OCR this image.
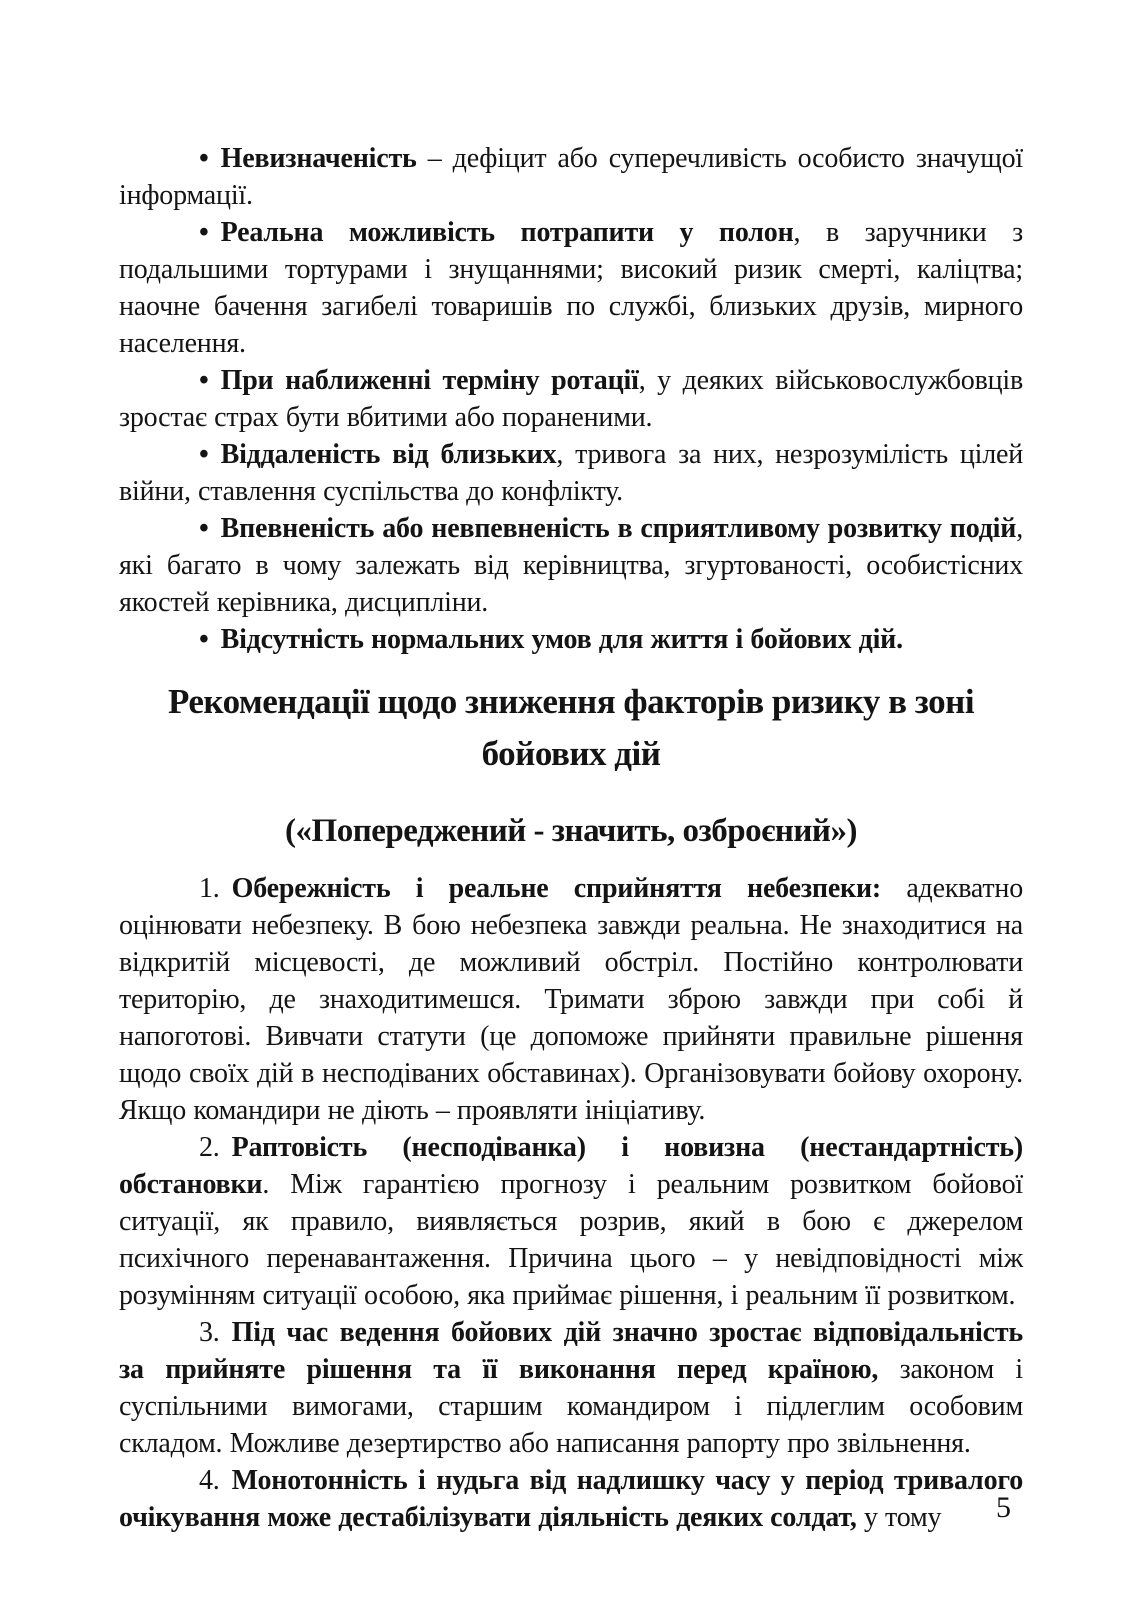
• Невизначеність – дефіцит або суперечливість особисто значущої інформації.

• Реальна можливість потрапити у полон, в заручники з подальшими тортурами і знущаннями; високий ризик смерті, каліцтва; наочне бачення загибелі товаришів по службі, близьких друзів, мирного населення.

• При наближенні терміну ротації, у деяких військовослужбовців зростає страх бути вбитими або пораненими.

• Віддаленість від близьких, тривога за них, незрозумілість цілей війни, ставлення суспільства до конфлікту.

• Впевненість або невпевненість в сприятливому розвитку подій, які багато в чому залежать від керівництва, згуртованості, особистісних якостей керівника, дисципліни.

• Відсутність нормальних умов для життя і бойових дій.

Рекомендації щодо зниження факторів ризику в зоні бойових дій
(«Попереджений - значить, озброєний»)

1. Обережність і реальне сприйняття небезпеки: адекватно оцінювати небезпеку. В бою небезпека завжди реальна. Не знаходитися на відкритій місцевості, де можливий обстріл. Постійно контролювати територію, де знаходитимешся. Тримати зброю завжди при собі й напоготові. Вивчати статути (це допоможе прийняти правильне рішення щодо своїх дій в несподіваних обставинах). Організовувати бойову охорону. Якщо командири не діють – проявляти ініціативу.

2. Раптовість (несподіванка) і новизна (нестандартність) обстановки. Між гарантією прогнозу і реальним розвитком бойової ситуації, як правило, виявляється розрив, який в бою є джерелом психічного перенавантаження. Причина цього – у невідповідності між розумінням ситуації особою, яка приймає рішення, і реальним її розвитком.

3. Під час ведення бойових дій значно зростає відповідальність за прийняте рішення та її виконання перед країною, законом і суспільними вимогами, старшим командиром і підлеглим особовим складом. Можливе дезертирство або написання рапорту про звільнення.

4. Монотонність і нудьга від надлишку часу у період тривалого очікування може дестабілізувати діяльність деяких солдат, у тому	5
